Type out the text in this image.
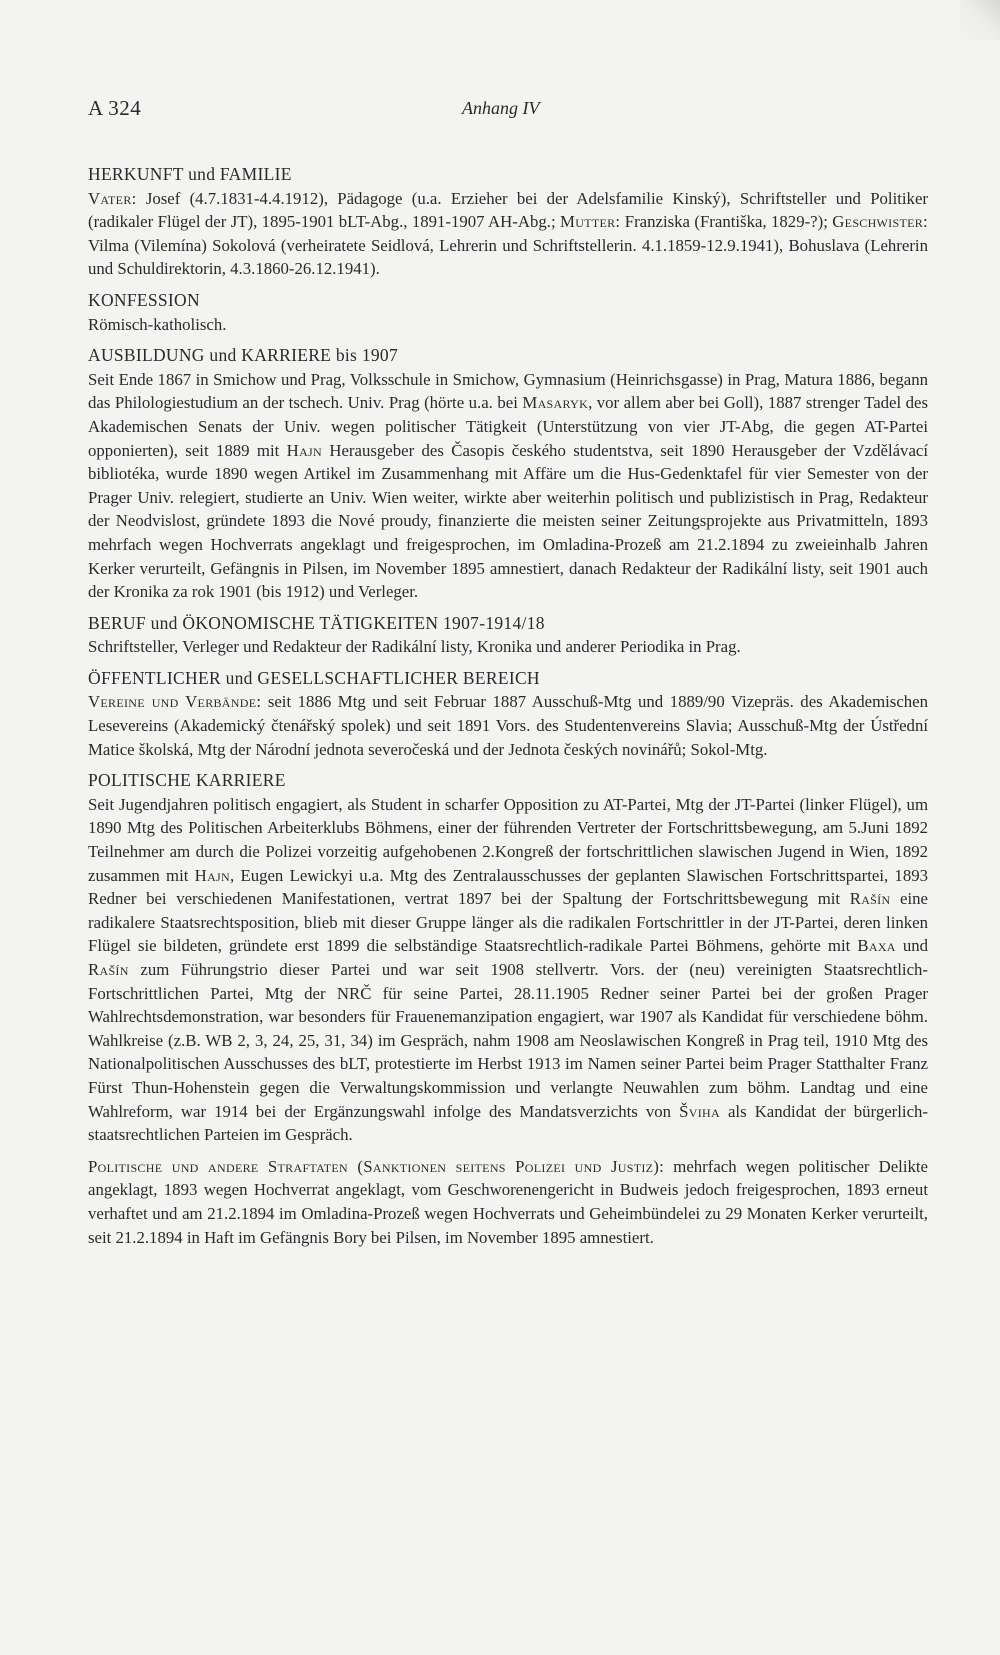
A 324	Anhang IV

HERKUNFT und FAMILIE

Vater: Josef (4.7.1831-4.4.1912), Pädagoge (u.a. Erzieher bei der Adelsfamilie Kinský), Schriftsteller und Politiker (radikaler Flügel der JT), 1895-1901 bLT-Abg., 1891-1907 AH-Abg.; Mutter: Franziska (Františka, 1829-?); Geschwister: Vilma (Vilemína) Sokolová (verheiratete Seidlová, Lehrerin und Schriftstellerin. 4.1.1859-12.9.1941), Bohuslava (Lehrerin und Schuldirektorin, 4.3.1860-26.12.1941).

KONFESSION

Römisch-katholisch.

AUSBILDUNG und KARRIERE bis 1907

Seit Ende 1867 in Smichow und Prag, Volksschule in Smichow, Gymnasium (Heinrichsgasse) in Prag, Matura 1886, begann das Philologiestudium an der tschech. Univ. Prag (hörte u.a. bei Masaryk, vor allem aber bei Goll), 1887 strenger Tadel des Akademischen Senats der Univ. wegen politischer Tätigkeit (Unterstützung von vier JT-Abg, die gegen AT-Partei opponierten), seit 1889 mit Hajn Herausgeber des Časopis českého studentstva, seit 1890 Herausgeber der Vzdělávací bibliotéka, wurde 1890 wegen Artikel im Zusammenhang mit Affäre um die Hus-Gedenktafel für vier Semester von der Prager Univ. relegiert, studierte an Univ. Wien weiter, wirkte aber weiterhin politisch und publizistisch in Prag, Redakteur der Neodvislost, gründete 1893 die Nové proudy, finanzierte die meisten seiner Zeitungsprojekte aus Privatmitteln, 1893 mehrfach wegen Hochverrats angeklagt und freigesprochen, im Omladina-Prozeß am 21.2.1894 zu zweieinhalb Jahren Kerker verurteilt, Gefängnis in Pilsen, im November 1895 amnestiert, danach Redakteur der Radikální listy, seit 1901 auch der Kronika za rok 1901 (bis 1912) und Verleger.

BERUF und ÖKONOMISCHE TÄTIGKEITEN 1907-1914/18

Schriftsteller, Verleger und Redakteur der Radikální listy, Kronika und anderer Periodika in Prag.

ÖFFENTLICHER und GESELLSCHAFTLICHER BEREICH

Vereine und Verbände: seit 1886 Mtg und seit Februar 1887 Ausschuß-Mtg und 1889/90 Vizepräs. des Akademischen Lesevereins (Akademický čtenářský spolek) und seit 1891 Vors. des Studentenvereins Slavia; Ausschuß-Mtg der Ústřední Matice školská, Mtg der Národní jednota severočeská und der Jednota českých novinářů; Sokol-Mtg.

POLITISCHE KARRIERE

Seit Jugendjahren politisch engagiert, als Student in scharfer Opposition zu AT-Partei, Mtg der JT-Partei (linker Flügel), um 1890 Mtg des Politischen Arbeiterklubs Böhmens, einer der führenden Vertreter der Fortschrittsbewegung, am 5.Juni 1892 Teilnehmer am durch die Polizei vorzeitig aufgehobenen 2.Kongreß der fortschrittlichen slawischen Jugend in Wien, 1892 zusammen mit Hajn, Eugen Lewickyi u.a. Mtg des Zentralausschusses der geplanten Slawischen Fortschrittspartei, 1893 Redner bei verschiedenen Manifestationen, vertrat 1897 bei der Spaltung der Fortschrittsbewegung mit Rašín eine radikalere Staatsrechtsposition, blieb mit dieser Gruppe länger als die radikalen Fortschrittler in der JT-Partei, deren linken Flügel sie bildeten, gründete erst 1899 die selbständige Staatsrechtlich-radikale Partei Böhmens, gehörte mit Baxa und Rašín zum Führungstrio dieser Partei und war seit 1908 stellvertr. Vors. der (neu) vereinigten Staatsrechtlich-Fortschrittlichen Partei, Mtg der NRČ für seine Partei, 28.11.1905 Redner seiner Partei bei der großen Prager Wahlrechtsdemonstration, war besonders für Frauenemanzipation engagiert, war 1907 als Kandidat für verschiedene böhm. Wahlkreise (z.B. WB 2, 3, 24, 25, 31, 34) im Gespräch, nahm 1908 am Neoslawischen Kongreß in Prag teil, 1910 Mtg des Nationalpolitischen Ausschusses des bLT, protestierte im Herbst 1913 im Namen seiner Partei beim Prager Statthalter Franz Fürst Thun-Hohenstein gegen die Verwaltungskommission und verlangte Neuwahlen zum böhm. Landtag und eine Wahlreform, war 1914 bei der Ergänzungswahl infolge des Mandatsverzichts von Šviha als Kandidat der bürgerlich-staatsrechtlichen Parteien im Gespräch.

Politische und andere Straftaten (Sanktionen seitens Polizei und Justiz): mehrfach wegen politischer Delikte angeklagt, 1893 wegen Hochverrat angeklagt, vom Geschworenengericht in Budweis jedoch freigesprochen, 1893 erneut verhaftet und am 21.2.1894 im Omladina-Prozeß wegen Hochverrats und Geheimbündelei zu 29 Monaten Kerker verurteilt, seit 21.2.1894 in Haft im Gefängnis Bory bei Pilsen, im November 1895 amnestiert.
